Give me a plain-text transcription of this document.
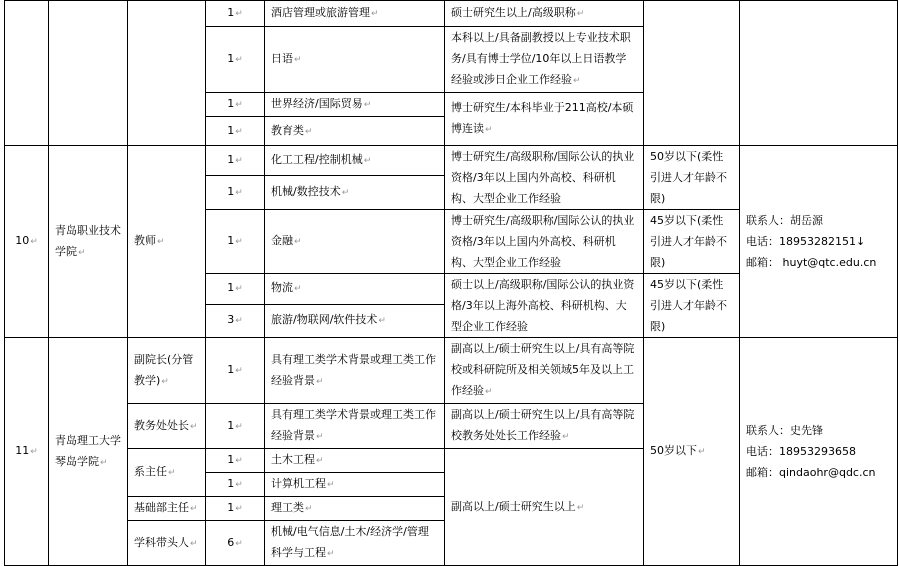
			1↵	酒店管理或旅游管理↵	硕士研究生以上/高级职称↵		
			1↵	日语↵	本科以上/具备副教授以上专业技术职务/具有博士学位/10年以上日语教学经验或涉日企业工作经验↵		
			1↵	世界经济/国际贸易↵	博士研究生/本科毕业于211高校/本硕博连读↵		
			1↵	教育类↵			

10↵	青岛职业技术学院↵	教师↵	1↵	化工工程/控制机械↵	博士研究生/高级职称/国际公认的执业资格/3年以上国内外高校、科研机构、大型企业工作经验	50岁以下(柔性引进人才年龄不限)	联系人：胡岳源
电话：18953282151↓
邮箱： huyt@qtc.edu.cn

			1↵	机械/数控技术↵			
			1↵	金融↵	博士研究生/高级职称/国际公认的执业资格/3年以上国内外高校、科研机构、大型企业工作经验	45岁以下(柔性引进人才年龄不限)	
			1↵	物流↵	硕士以上/高级职称/国际公认的执业资格/3年以上海外高校、科研机构、大型企业工作经验	45岁以下(柔性引进人才年龄不限)	
			3↵	旅游/物联网/软件技术↵			
11↵	青岛理工大学琴岛学院↵	副院长(分管教学)↵	1↵	具有理工类学术背景或理工类工作经验背景↵	副高以上/硕士研究生以上/具有高等院校或科研院所及相关领域5年及以上工作经验↵	50岁以下↵	联系人：史先锋
电话：18953293658
邮箱：qindaohr@qdc.cn

		教务处处长↵	1↵	具有理工类学术背景或理工类工作经验背景↵	副高以上/硕士研究生以上/具有高等院校教务处处长工作经验↵		
		系主任↵	1↵	土木工程↵	副高以上/硕士研究生以上↵		
			1↵	计算机工程↵			
		基础部主任↵	1↵	理工类↵			
		学科带头人↵	6↵	机械/电气信息/土木/经济学/管理科学与工程↵			
